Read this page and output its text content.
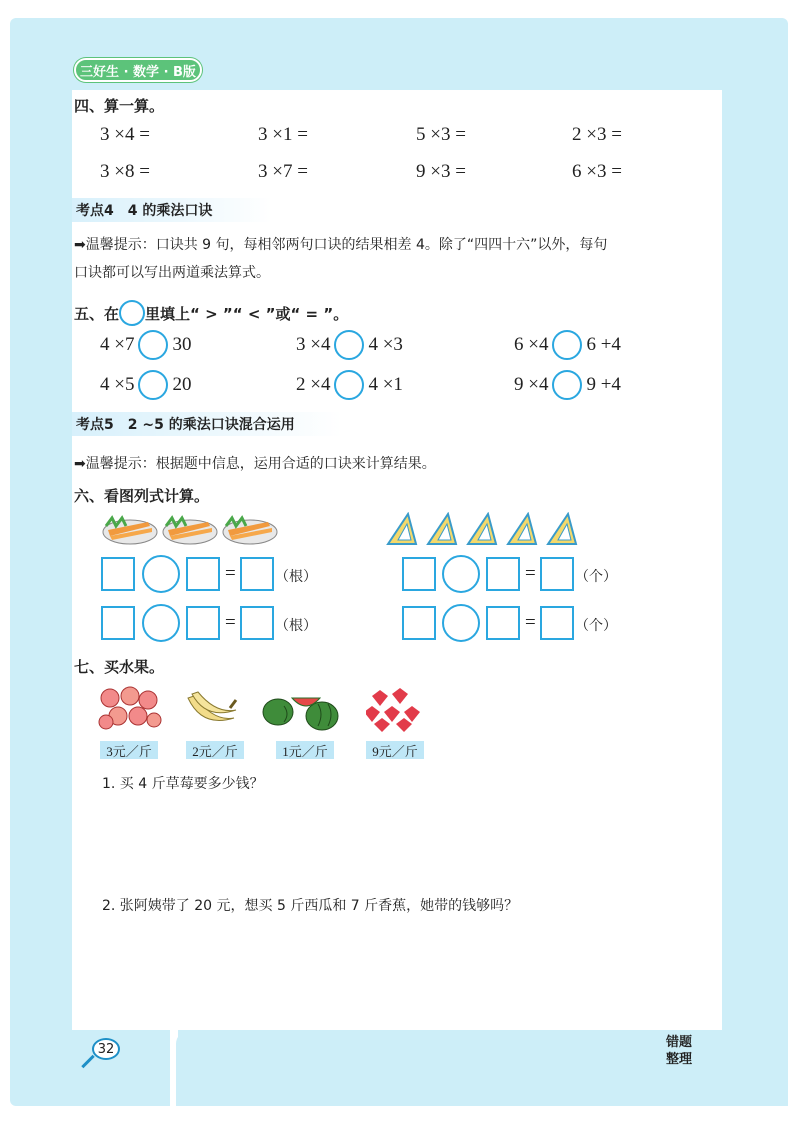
三好生 · 数学 · B版
四、算一算。
3 ×4 =	3 ×1 =	5 ×3 =	2 ×3 =
3 ×8 =	3 ×7 =	9 ×3 =	6 ×3 =
考点4　4 的乘法口诀
➡温馨提示：口诀共 9 句，每相邻两句口诀的结果相差 4。除了“四四十六”以外，每句
口诀都可以写出两道乘法算式。
五、在 里填上“ > ”“ < ”或“ = ”。
4 ×7 30	3 ×4 4 ×3	6 ×4 6 +4
4 ×5 20	2 ×4 4 ×1	9 ×4 9 +4
考点5　2 ~5 的乘法口诀混合运用
➡温馨提示：根据题中信息，运用合适的口诀来计算结果。
六、看图列式计算。
=	（根）
=	（根）
=	（个）
=	（个）
七、买水果。
3元／斤	2元／斤	1元／斤	9元／斤
1. 买 4 斤草莓要多少钱？
2. 张阿姨带了 20 元，想买 5 斤西瓜和 7 斤香蕉，她带的钱够吗？
32	错题
整理
